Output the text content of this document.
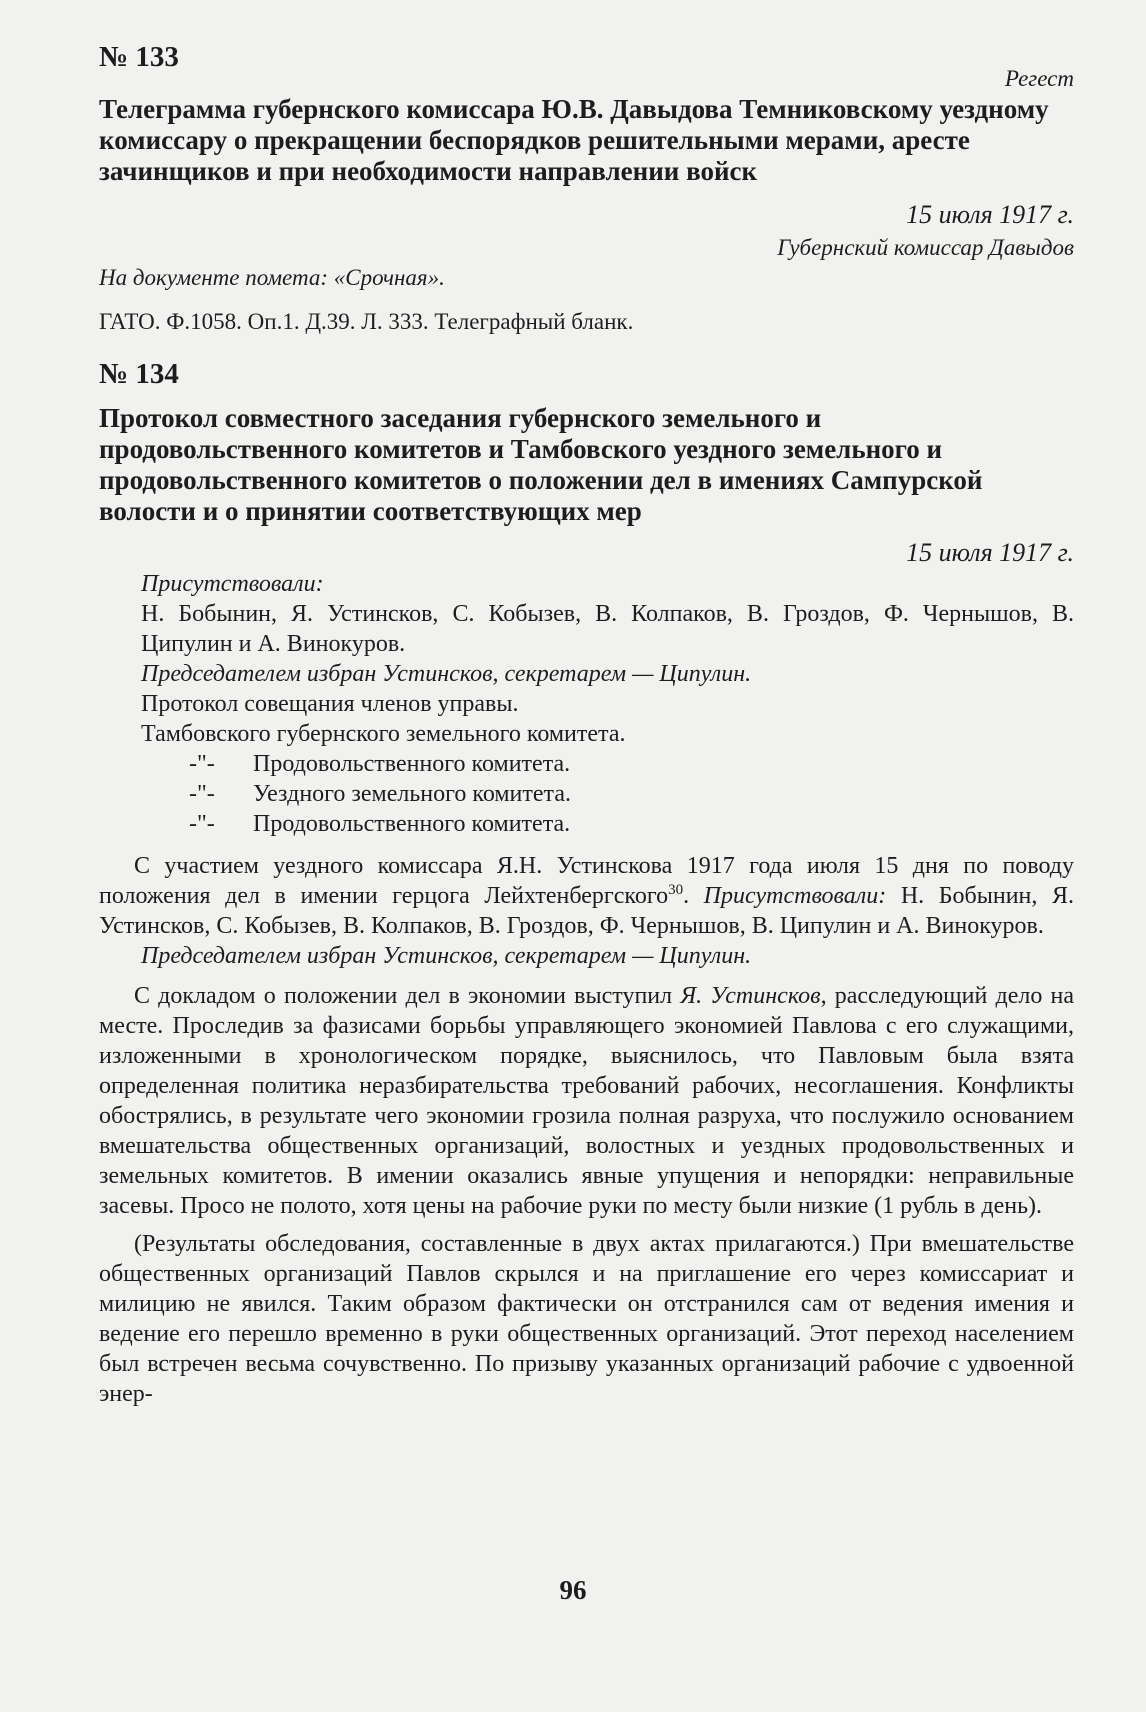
№ 133

Регест

Телеграмма губернского комиссара Ю.В. Давыдова Темниковскому уездному комиссару о прекращении беспорядков решительными мерами, аресте зачинщиков и при необходимости направлении войск

15 июля 1917 г.
Губернский комиссар Давыдов
На документе помета: «Срочная».
ГАТО. Ф.1058. Оп.1. Д.39. Л. 333. Телеграфный бланк.

№ 134

Протокол совместного заседания губернского земельного и продовольственного комитетов и Тамбовского уездного земельного и продовольственного комитетов о положении дел в имениях Сампурской волости и о принятии соответствующих мер

15 июля 1917 г.
Присутствовали:

Н. Бобынин, Я. Устинсков, С. Кобызев, В. Колпаков, В. Гроздов, Ф. Чернышов, В. Ципулин и А. Винокуров.

Председателем избран Устинсков, секретарем — Ципулин.
Протокол совещания членов управы.
Тамбовского губернского земельного комитета.
-"-	Продовольственного комитета.
-"-	Уездного земельного комитета.
-"-	Продовольственного комитета.

С участием уездного комиссара Я.Н. Устинскова 1917 года июля 15 дня по поводу положения дел в имении герцога Лейхтенбергского$^{30}$. Присутствовали: Н. Бобынин, Я. Устинсков, С. Кобызев, В. Колпаков, В. Гроздов, Ф. Чернышов, В. Ципулин и А. Винокуров.

Председателем избран Устинсков, секретарем — Ципулин.

С докладом о положении дел в экономии выступил Я. Устинсков, расследующий дело на месте. Проследив за фазисами борьбы управляющего экономией Павлова с его служащими, изложенными в хронологическом порядке, выяснилось, что Павловым была взята определенная политика неразбирательства требований рабочих, несоглашения. Конфликты обострялись, в результате чего экономии грозила полная разруха, что послужило основанием вмешательства общественных организаций, волостных и уездных продовольственных и земельных комитетов. В имении оказались явные упущения и непорядки: неправильные засевы. Просо не полото, хотя цены на рабочие руки по месту были низкие (1 рубль в день).

(Результаты обследования, составленные в двух актах прилагаются.) При вмешательстве общественных организаций Павлов скрылся и на приглашение его через комиссариат и милицию не явился. Таким образом фактически он отстранился сам от ведения имения и ведение его перешло временно в руки общественных организаций. Этот переход населением был встречен весьма сочувственно. По призыву указанных организаций рабочие с удвоенной энер-

96
